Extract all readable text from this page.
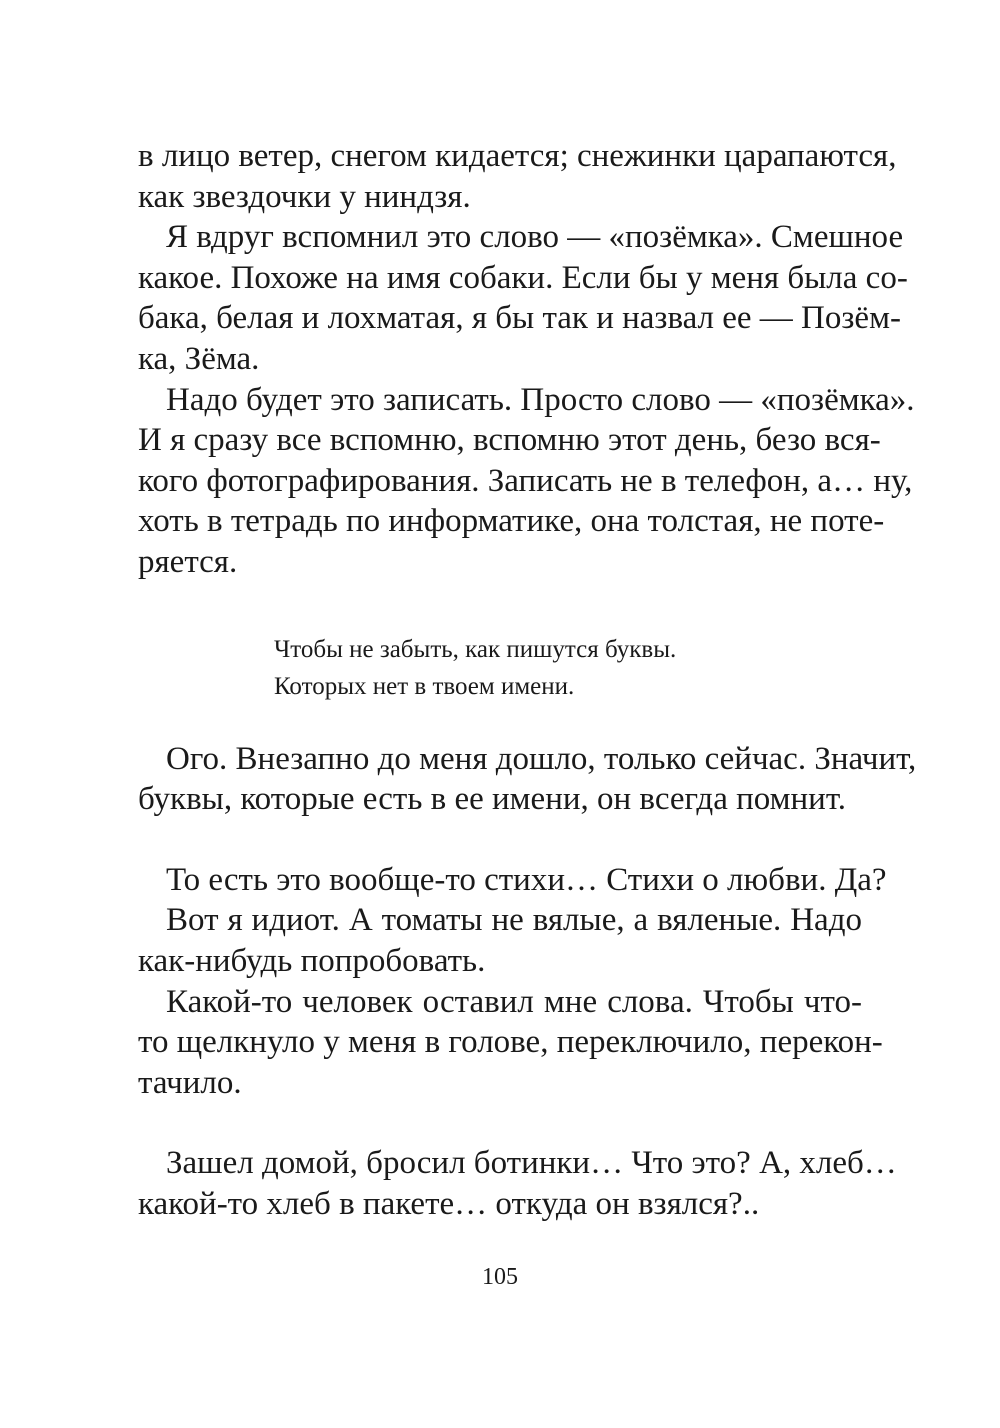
в лицо ветер, снегом кидается; снежинки царапаются,
как звездочки у ниндзя.
Я вдруг вспомнил это слово — «позёмка». Смешное
какое. Похоже на имя собаки. Если бы у меня была со-
бака, белая и лохматая, я бы так и назвал ее — Позём-
ка, Зёма.
Надо будет это записать. Просто слово — «позёмка».
И я сразу все вспомню, вспомню этот день, безо вся-
кого фотографирования. Записать не в телефон, а… ну,
хоть в тетрадь по информатике, она толстая, не поте-
ряется.
Чтобы не забыть, как пишутся буквы.
Которых нет в твоем имени.
Ого. Внезапно до меня дошло, только сейчас. Значит,
буквы, которые есть в ее имени, он всегда помнит.
То есть это вообще-то стихи… Стихи о любви. Да?
Вот я идиот. А томаты не вялые, а вяленые. Надо
как-нибудь попробовать.
Какой-то человек оставил мне слова. Чтобы что-
то щелкнуло у меня в голове, переключило, перекон-
тачило.
Зашел домой, бросил ботинки… Что это? А, хлеб…
какой-то хлеб в пакете… откуда он взялся?..
105
